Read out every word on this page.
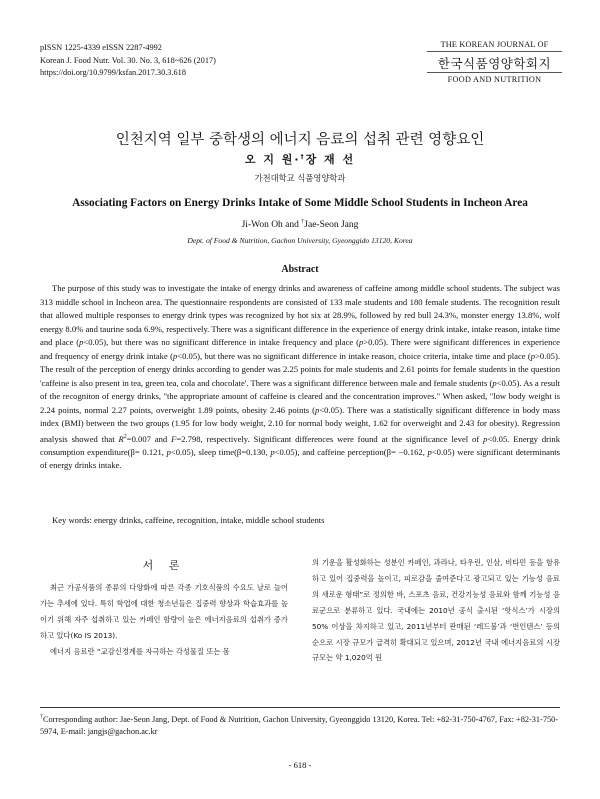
pISSN 1225-4339 eISSN 2287-4992
Korean J. Food Nutr. Vol. 30. No. 3, 618~626 (2017)
https://doi.org/10.9799/ksfan.2017.30.3.618
THE KOREAN JOURNAL OF
한국식품영양학회지
FOOD AND NUTRITION
인천지역 일부 중학생의 에너지 음료의 섭취 관련 영향요인
오 지 원·†장 재 선
가천대학교 식품영양학과
Associating Factors on Energy Drinks Intake of Some Middle School Students in Incheon Area
Ji-Won Oh and †Jae-Seon Jang
Dept. of Food & Nutrition, Gachon University, Gyeonggido 13120, Korea
Abstract

The purpose of this study was to investigate the intake of energy drinks and awareness of caffeine among middle school students. The subject was 313 middle school in Incheon area. The questionnaire respondents are consisted of 133 male students and 180 female students. The recognition result that allowed multiple responses to energy drink types was recognized by hot six at 28.9%, followed by red bull 24.3%, monster energy 13.8%, wolf energy 8.0% and taurine soda 6.9%, respectively. There was a significant difference in the experience of energy drink intake, intake reason, intake time and place (p<0.05), but there was no significant difference in intake frequency and place (p>0.05). There were significant differences in experience and frequency of energy drink intake (p<0.05), but there was no significant difference in intake reason, choice criteria, intake time and place (p>0.05). The result of the perception of energy drinks according to gender was 2.25 points for male students and 2.61 points for female students in the question 'caffeine is also present in tea, green tea, cola and chocolate'. There was a significant difference between male and female students (p<0.05). As a result of the recogniton of energy drinks, "the appropriate amount of caffeine is cleared and the concentration improves." When asked, "low body weight is 2.24 points, normal 2.27 points, overweight 1.89 points, obesity 2.46 points (p<0.05). There was a statistically significant difference in body mass index (BMI) between the two groups (1.95 for low body weight, 2.10 for normal body weight, 1.62 for overweight and 2.43 for obesity). Regression analysis showed that $R^2=0.007$ and F=2.798, respectively. Significant differences were found at the significance level of p<0.05. Energy drink consumption expenditure(β= 0.121, p<0.05), sleep time(β=0.130, p<0.05), and caffeine perception(β= −0.162, p<0.05) were significant determinants of energy drinks intake.

Key words: energy drinks, caffeine, recognition, intake, middle school students
서 론

최근 가공식품의 종류의 다양화에 따른 각종 기호식품의 수요도 날로 늘어가는 추세에 있다. 특히 학업에 대한 청소년들은 집중력 향상과 학습효과를 높이기 위해 자주 섭취하고 있는 카페인 함량이 높은 에너지음료의 섭취가 증가하고 있다(Ko IS 2013).

에너지 음료란 “교감신경계를 자극하는 각성물질 또는 몸

의 기운을 활성화하는 성분인 카페인, 과라나, 타우린, 인삼, 비타민 등을 함유하고 있어 집중력을 높이고, 피로감을 줄여준다고 광고되고 있는 기능성 음료의 새로운 형태”로 정의한 바, 스포츠 음료, 건강기능성 음료와 함께 기능성 음료군으로 분류하고 있다. 국내에는 2010년 공식 출시된 ‘핫식스’가 시장의 50% 이상을 차지하고 있고, 2011년부터 판매된 ‘레드불’과 ‘번인텐스’ 등의 순으로 시장 규모가 급격히 확대되고 있으며, 2012년 국내 에너지음료의 시장 규모는 약 1,020억 원

†Corresponding author: Jae-Seon Jang, Dept. of Food & Nutrition, Gachon University, Gyeonggido 13120, Korea. Tel: +82-31-750-4767, Fax: +82-31-750-5974, E-mail: jangjs@gachon.ac.kr
- 618 -
